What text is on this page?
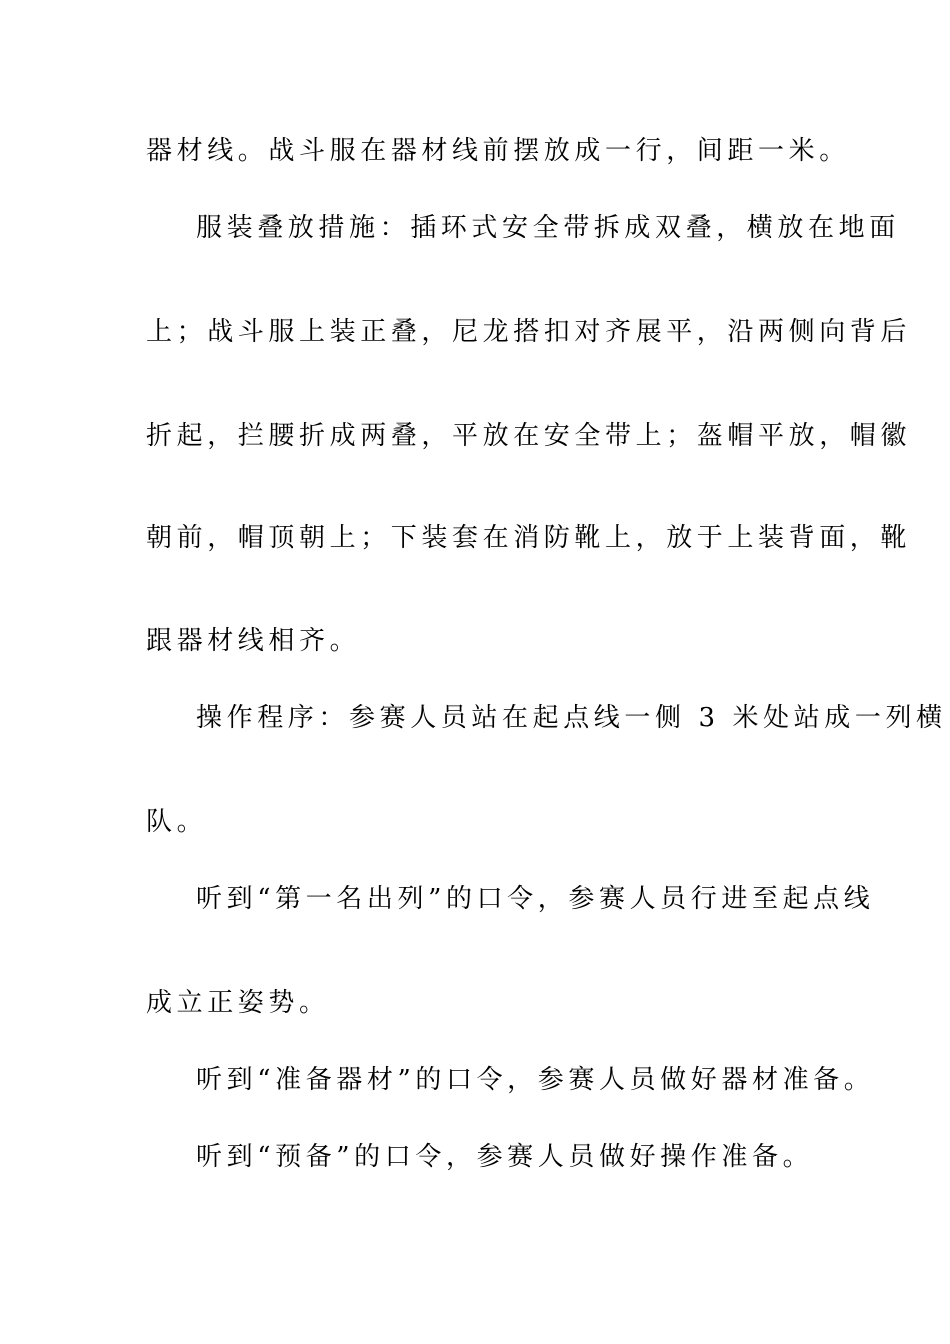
器材线。战斗服在器材线前摆放成一行，间距一米。
服装叠放措施：插环式安全带拆成双叠，横放在地面
上；战斗服上装正叠，尼龙搭扣对齐展平，沿两侧向背后
折起，拦腰折成两叠，平放在安全带上；盔帽平放，帽徽
朝前，帽顶朝上；下装套在消防靴上，放于上装背面，靴
跟器材线相齐。
操作程序：参赛人员站在起点线一侧 3 米处站成一列横
队。
听到“第一名出列”的口令，参赛人员行进至起点线
成立正姿势。
听到“准备器材”的口令，参赛人员做好器材准备。
听到“预备”的口令，参赛人员做好操作准备。
